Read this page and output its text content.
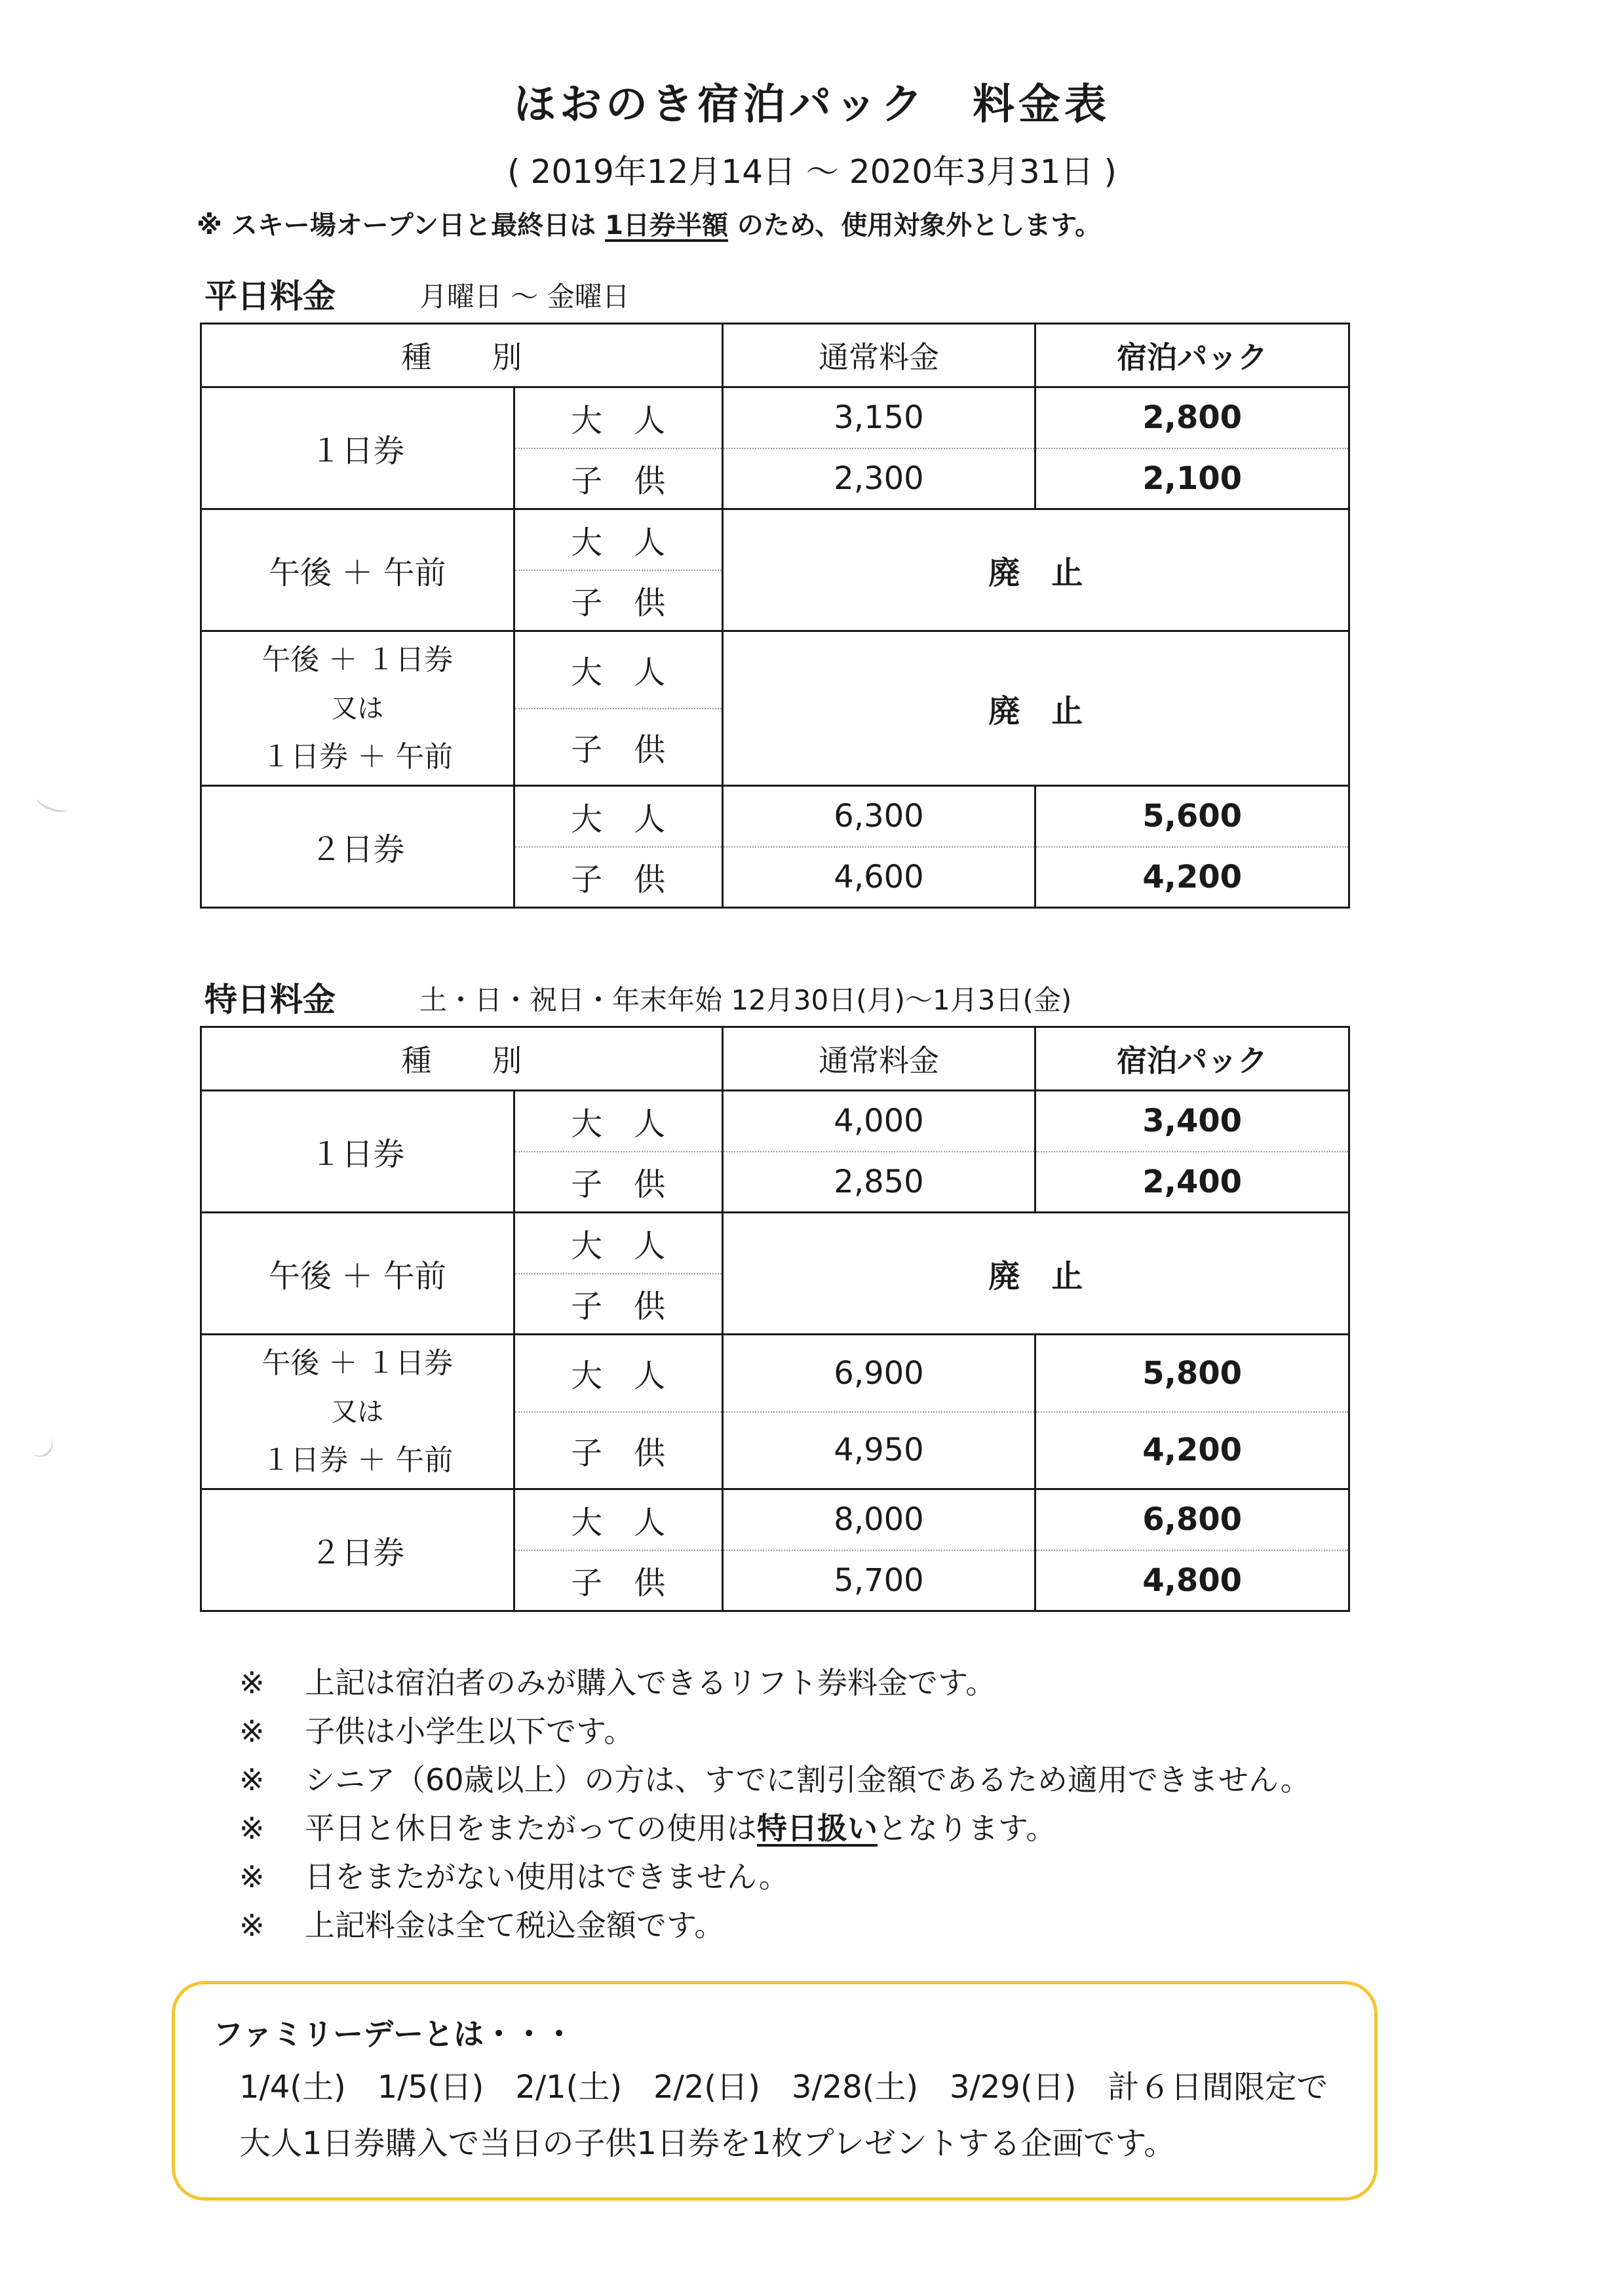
ほおのき宿泊パック　料金表
( 2019年12月14日 ～ 2020年3月31日 )
※ スキー場オープン日と最終日は 1日券半額 のため、使用対象外とします。
平日料金	月曜日 ～ 金曜日
種　　別		通常料金	宿泊パック
１日券	大　人	3,150	2,800
	子　供	2,300	2,100
午後 ＋ 午前	大　人	廃　止	
	子　供		

午後 ＋ １日券
又は
１日券 ＋ 午前	大　人	廃　止	
	子　供		
２日券	大　人	6,300	5,600
	子　供	4,600	4,200
特日料金	土・日・祝日・年末年始 12月30日(月)～1月3日(金)
種　　別		通常料金	宿泊パック
１日券	大　人	4,000	3,400
	子　供	2,850	2,400
午後 ＋ 午前	大　人	廃　止	
	子　供		

午後 ＋ １日券
又は
１日券 ＋ 午前	大　人	6,900	5,800
	子　供	4,950	4,200
２日券	大　人	8,000	6,800
	子　供	5,700	4,800
※ 上記は宿泊者のみが購入できるリフト券料金です。
※ 子供は小学生以下です。
※ シニア（60歳以上）の方は、すでに割引金額であるため適用できません。
※ 平日と休日をまたがっての使用は特日扱いとなります。
※ 日をまたがない使用はできません。
※ 上記料金は全て税込金額です。
ファミリーデーとは・・・
1/4(土)　1/5(日)　2/1(土)　2/2(日)　3/28(土)　3/29(日)　計６日間限定で
大人1日券購入で当日の子供1日券を1枚プレゼントする企画です。
